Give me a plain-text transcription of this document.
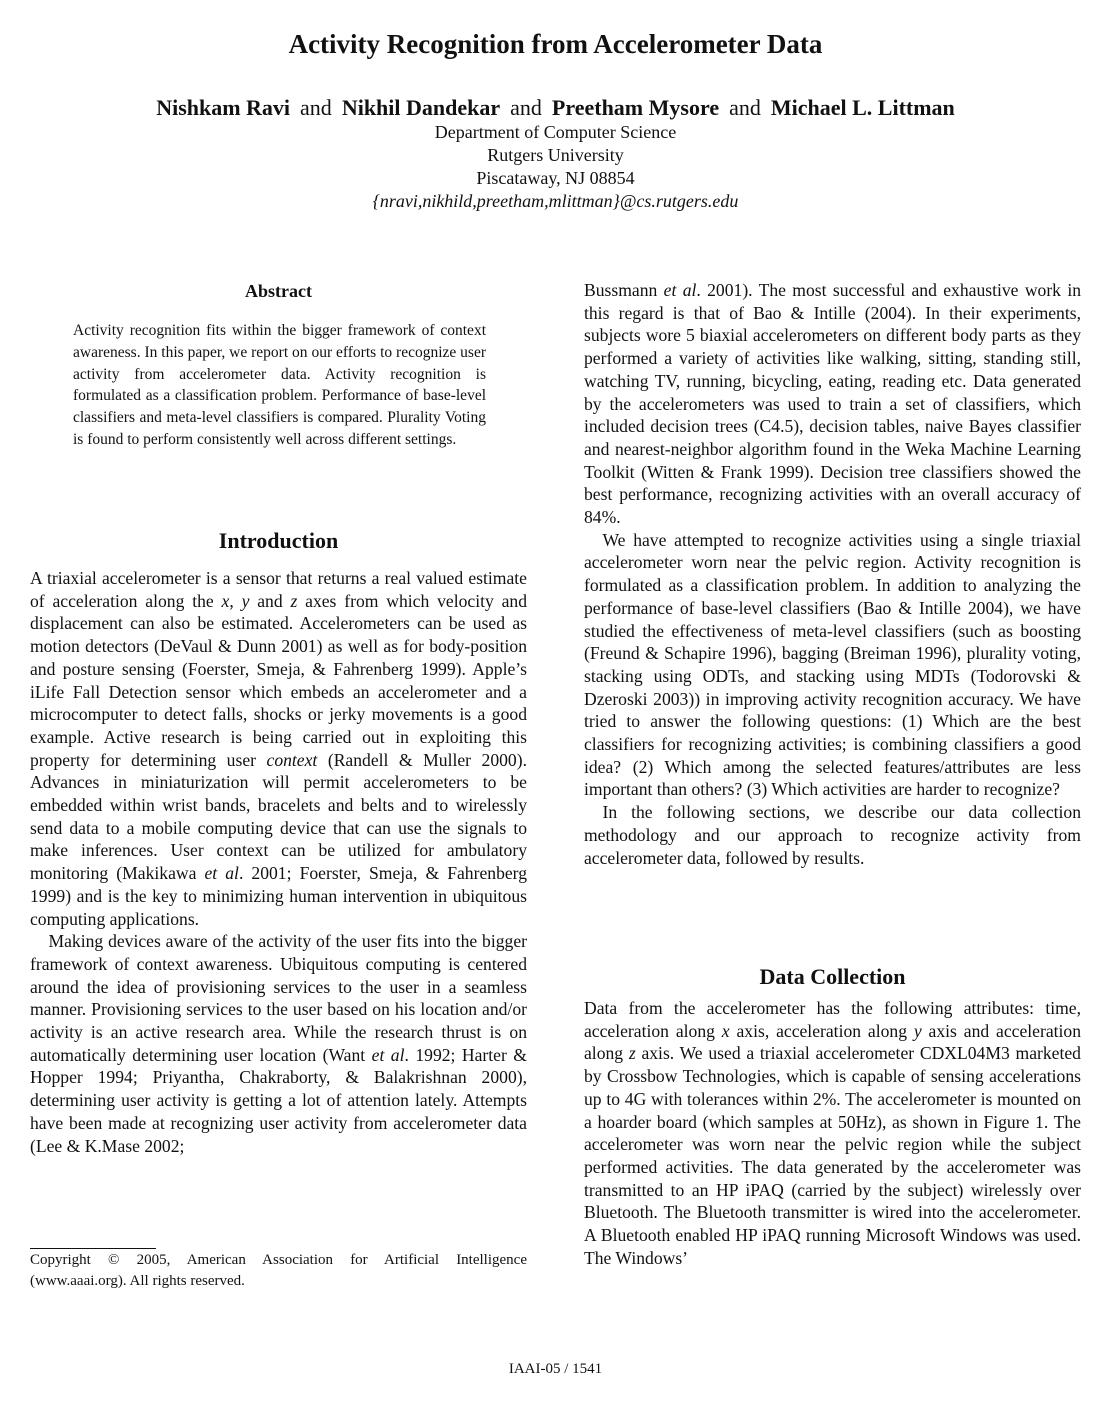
Activity Recognition from Accelerometer Data
Nishkam Ravi and Nikhil Dandekar and Preetham Mysore and Michael L. Littman
Department of Computer Science
Rutgers University
Piscataway, NJ 08854
{nravi,nikhild,preetham,mlittman}@cs.rutgers.edu
Abstract
Activity recognition fits within the bigger framework of context awareness. In this paper, we report on our efforts to recognize user activity from accelerometer data. Activity recognition is formulated as a classification problem. Performance of base-level classifiers and meta-level classifiers is compared. Plurality Voting is found to perform consistently well across different settings.
Introduction

A triaxial accelerometer is a sensor that returns a real valued estimate of acceleration along the x, y and z axes from which velocity and displacement can also be estimated. Accelerometers can be used as motion detectors (DeVaul & Dunn 2001) as well as for body-position and posture sensing (Foerster, Smeja, & Fahrenberg 1999). Apple’s iLife Fall Detection sensor which embeds an accelerometer and a microcomputer to detect falls, shocks or jerky movements is a good example. Active research is being carried out in exploiting this property for determining user context (Randell & Muller 2000). Advances in miniaturization will permit accelerometers to be embedded within wrist bands, bracelets and belts and to wirelessly send data to a mobile computing device that can use the signals to make inferences. User context can be utilized for ambulatory monitoring (Makikawa et al. 2001; Foerster, Smeja, & Fahrenberg 1999) and is the key to minimizing human intervention in ubiquitous computing applications.

Making devices aware of the activity of the user fits into the bigger framework of context awareness. Ubiquitous computing is centered around the idea of provisioning services to the user in a seamless manner. Provisioning services to the user based on his location and/or activity is an active research area. While the research thrust is on automatically determining user location (Want et al. 1992; Harter & Hopper 1994; Priyantha, Chakraborty, & Balakrishnan 2000), determining user activity is getting a lot of attention lately. Attempts have been made at recognizing user activity from accelerometer data (Lee & K.Mase 2002;

Copyright © 2005, American Association for Artificial Intelligence (www.aaai.org). All rights reserved.

Bussmann et al. 2001). The most successful and exhaustive work in this regard is that of Bao & Intille (2004). In their experiments, subjects wore 5 biaxial accelerometers on different body parts as they performed a variety of activities like walking, sitting, standing still, watching TV, running, bicycling, eating, reading etc. Data generated by the accelerometers was used to train a set of classifiers, which included decision trees (C4.5), decision tables, naive Bayes classifier and nearest-neighbor algorithm found in the Weka Machine Learning Toolkit (Witten & Frank 1999). Decision tree classifiers showed the best performance, recognizing activities with an overall accuracy of 84%.

We have attempted to recognize activities using a single triaxial accelerometer worn near the pelvic region. Activity recognition is formulated as a classification problem. In addition to analyzing the performance of base-level classifiers (Bao & Intille 2004), we have studied the effectiveness of meta-level classifiers (such as boosting (Freund & Schapire 1996), bagging (Breiman 1996), plurality voting, stacking using ODTs, and stacking using MDTs (Todorovski & Dzeroski 2003)) in improving activity recognition accuracy. We have tried to answer the following questions: (1) Which are the best classifiers for recognizing activities; is combining classifiers a good idea? (2) Which among the selected features/attributes are less important than others? (3) Which activities are harder to recognize?

In the following sections, we describe our data collection methodology and our approach to recognize activity from accelerometer data, followed by results.

Data Collection

Data from the accelerometer has the following attributes: time, acceleration along x axis, acceleration along y axis and acceleration along z axis. We used a triaxial accelerometer CDXL04M3 marketed by Crossbow Technologies, which is capable of sensing accelerations up to 4G with tolerances within 2%. The accelerometer is mounted on a hoarder board (which samples at 50Hz), as shown in Figure 1. The accelerometer was worn near the pelvic region while the subject performed activities. The data generated by the accelerometer was transmitted to an HP iPAQ (carried by the subject) wirelessly over Bluetooth. The Bluetooth transmitter is wired into the accelerometer. A Bluetooth enabled HP iPAQ running Microsoft Windows was used. The Windows’

IAAI-05 / 1541
